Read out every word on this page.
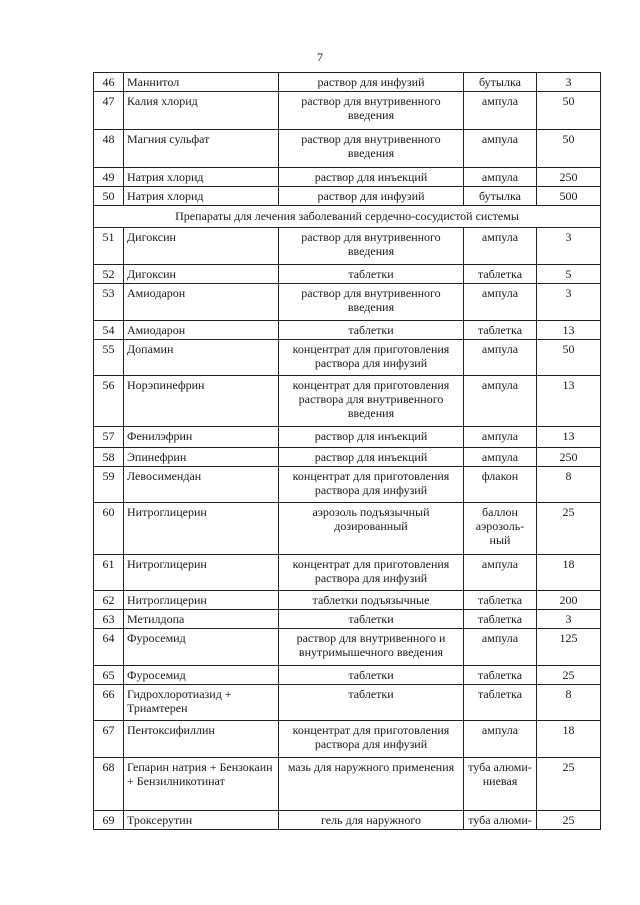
7
46	Маннитол	раствор для инфузий	бутылка	3
47	Калия хлорид	раствор для внутривенного введения	ампула	50
48	Магния сульфат	раствор для внутривенного введения	ампула	50
49	Натрия хлорид	раствор для инъекций	ампула	250
50	Натрия хлорид	раствор для инфузий	бутылка	500
Препараты для лечения заболеваний сердечно-сосудистой системы				
51	Дигоксин	раствор для внутривенного введения	ампула	3
52	Дигоксин	таблетки	таблетка	5
53	Амиодарон	раствор для внутривенного введения	ампула	3
54	Амиодарон	таблетки	таблетка	13
55	Допамин	концентрат для приготовления раствора для инфузий	ампула	50
56	Норэпинефрин	концентрат для приготовления раствора для внутривенного введения	ампула	13
57	Фенилэфрин	раствор для инъекций	ампула	13
58	Эпинефрин	раствор для инъекций	ампула	250
59	Левосимендан	концентрат для приготовления раствора для инфузий	флакон	8
60	Нитроглицерин	аэрозоль подъязычный дозированный	баллон аэрозоль-ный	25
61	Нитроглицерин	концентрат для приготовления раствора для инфузий	ампула	18
62	Нитроглицерин	таблетки подъязычные	таблетка	200
63	Метилдопа	таблетки	таблетка	3
64	Фуросемид	раствор для внутривенного и внутримышечного введения	ампула	125
65	Фуросемид	таблетки	таблетка	25
66	Гидрохлоротиазид + Триамтерен	таблетки	таблетка	8
67	Пентоксифиллин	концентрат для приготовления раствора для инфузий	ампула	18
68	Гепарин натрия + Бензокаин + Бензилникотинат	мазь для наружного применения	туба алюми-ниевая	25
69	Троксерутин	гель для наружного	туба алюми-	25
